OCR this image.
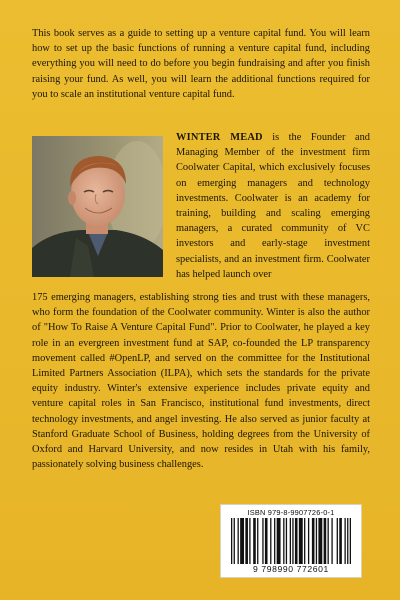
This book serves as a guide to setting up a venture capital fund. You will learn how to set up the basic functions of running a venture capital fund, including everything you will need to do before you begin fundraising and after you finish raising your fund. As well, you will learn the additional functions required for you to scale an institutional venture capital fund.

WINTER MEAD is the Founder and Managing Member of the investment firm Coolwater Capital, which exclusively focuses on emerging managers and technology investments. Coolwater is an academy for training, building and scaling emerging managers, a curated community of VC investors and early-stage investment specialists, and an investment firm. Coolwater has helped launch over

175 emerging managers, establishing strong ties and trust with these managers, who form the foundation of the Coolwater community. Winter is also the author of "How To Raise A Venture Capital Fund". Prior to Coolwater, he played a key role in an evergreen investment fund at SAP, co-founded the LP transparency movement called #OpenLP, and served on the committee for the Institutional Limited Partners Association (ILPA), which sets the standards for the private equity industry. Winter's extensive experience includes private equity and venture capital roles in San Francisco, institutional fund investments, direct technology investments, and angel investing. He also served as junior faculty at Stanford Graduate School of Business, holding degrees from the University of Oxford and Harvard University, and now resides in Utah with his family, passionately solving business challenges.

ISBN 979-8-9907726-0-1
9 798990 772601
